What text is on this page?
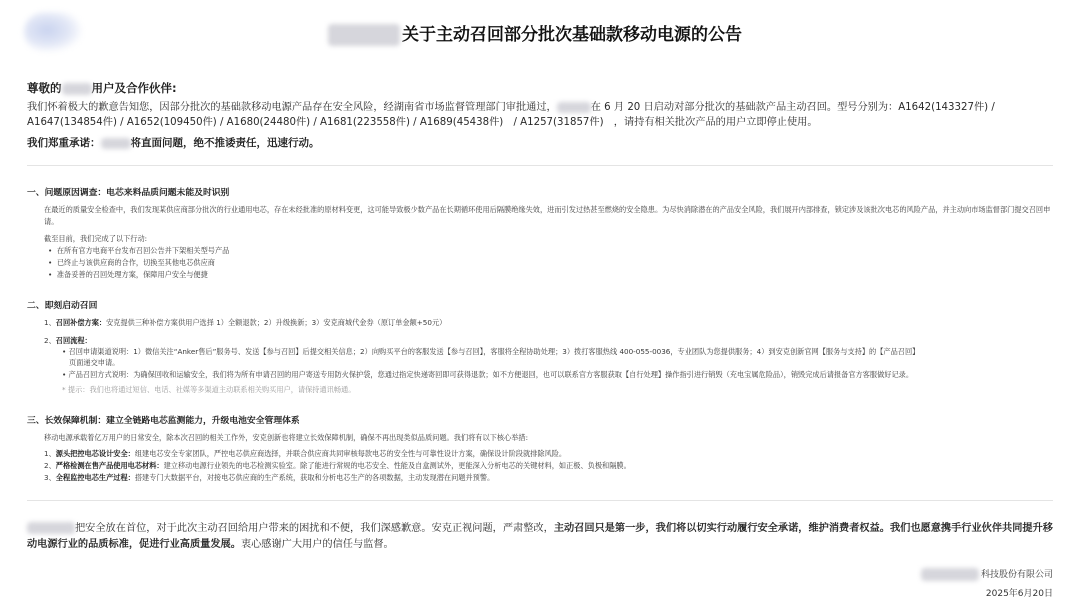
关于主动召回部分批次基础款移动电源的公告
尊敬的	用户及合作伙伴:
我们怀着极大的歉意告知您，因部分批次的基础款移动电源产品存在安全风险，经湖南省市场监督管理部门审批通过，	在 6 月 20 日启动对部分批次的基础款产品主动召回。型号分别为：A1642(143327件) / A1647(134854件) / A1652(109450件) / A1680(24480件) / A1681(223558件) / A1689(45438件)　/ A1257(31857件)　，请持有相关批次产品的用户立即停止使用。
我们郑重承诺：	将直面问题，绝不推诿责任，迅速行动。
一、问题原因调查：电芯来料品质问题未能及时识别
在最近的质量安全检查中，我们发现某供应商部分批次的行业通用电芯，存在未经批准的原材料变更，这可能导致极少数产品在长期循环使用后隔膜绝缘失效，进而引发过热甚至燃烧的安全隐患。为尽快消除潜在的产品安全风险，我们展开内部排查，锁定涉及该批次电芯的风险产品，并主动向市场监督部门提交召回申请。
截至目前，我们完成了以下行动:
•  在所有官方电商平台发布召回公告并下架相关型号产品
•  已终止与该供应商的合作，切换至其他电芯供应商
•  准备妥善的召回处理方案，保障用户安全与便捷
二、即刻启动召回
1、召回补偿方案：安克提供三种补偿方案供用户选择 1）全额退款；2）升级换新；3）安克商城代金券（原订单金额+50元）
2、召回流程：
• 召回申请渠道说明：1）微信关注“Anker售后”服务号、发送【参与召回】后提交相关信息；2）向购买平台的客服发送【参与召回】，客服将全程协助处理；3）拨打客服热线 400-055-0036，专业团队为您提供服务；4）到安克创新官网【服务与支持】的【产品召回】
页面递交申请。
• 产品召回方式说明：为确保回收和运输安全，我们将为所有申请召回的用户寄送专用防火保护袋，您通过指定快递寄回即可获得退款；如不方便退回，也可以联系官方客服获取【自行处理】操作指引进行销毁（充电宝属危险品），销毁完成后请报备官方客服做好记录。
* 提示：我们也将通过短信、电话、社媒等多渠道主动联系相关购买用户，请保持通讯畅通。
三、长效保障机制：建立全链路电芯监测能力，升级电池安全管理体系
移动电源承载着亿万用户的日常安全，除本次召回的相关工作外，安克创新也将建立长效保障机制，确保不再出现类似品质问题。我们将有以下核心举措:
1、源头把控电芯设计安全：组建电芯安全专家团队，严控电芯供应商选择，并联合供应商共同审核每款电芯的安全性与可靠性设计方案，确保设计阶段就排除风险。
2、严格检测在售产品使用电芯材料：建立移动电源行业领先的电芯检测实验室。除了能进行常规的电芯安全、性能及自盒测试外，更能深入分析电芯的关键材料，如正极、负极和隔膜。
3、全程监控电芯生产过程：搭建专门大数据平台，对接电芯供应商的生产系统，获取和分析电芯生产的各项数据，主动发现潜在问题并预警。
把安全放在首位，对于此次主动召回给用户带来的困扰和不便，我们深感歉意。安克正视问题，严肃整改，主动召回只是第一步，我们将以切实行动履行安全承诺，维护消费者权益。我们也愿意携手行业伙伴共同提升移动电源行业的品质标准，促进行业高质量发展。衷心感谢广大用户的信任与监督。
科技股份有限公司
2025年6月20日
